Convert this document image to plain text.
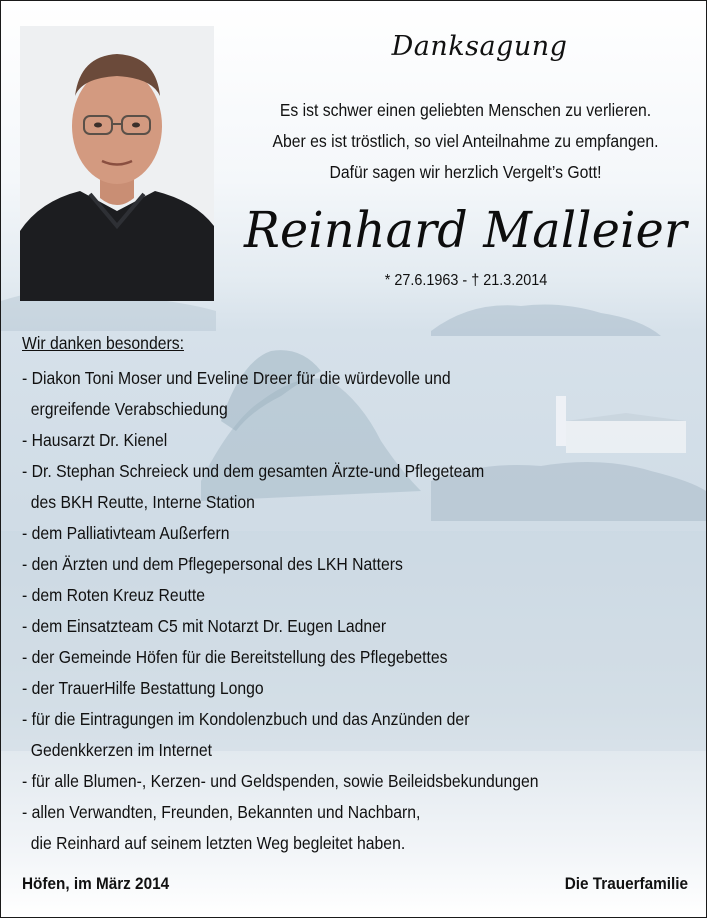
Danksagung
Es ist schwer einen geliebten Menschen zu verlieren.
Aber es ist tröstlich, so viel Anteilnahme zu empfangen.
Dafür sagen wir herzlich Vergelt’s Gott!
Reinhard Malleier
* 27.6.1963 - † 21.3.2014
Wir danken besonders:
- Diakon Toni Moser und Eveline Dreer für die würdevolle und
ergreifende Verabschiedung
- Hausarzt Dr. Kienel
- Dr. Stephan Schreieck und dem gesamten Ärzte-und Pflegeteam
des BKH Reutte, Interne Station
- dem Palliativteam Außerfern
- den Ärzten und dem Pflegepersonal des LKH Natters
- dem Roten Kreuz Reutte
- dem Einsatzteam C5 mit Notarzt Dr. Eugen Ladner
- der Gemeinde Höfen für die Bereitstellung des Pflegebettes
- der TrauerHilfe Bestattung Longo
- für die Eintragungen im Kondolenzbuch und das Anzünden der
Gedenkkerzen im Internet
- für alle Blumen-, Kerzen- und Geldspenden, sowie Beileidsbekundungen
- allen Verwandten, Freunden, Bekannten und Nachbarn,
die Reinhard auf seinem letzten Weg begleitet haben.
Höfen, im März 2014	Die Trauerfamilie
